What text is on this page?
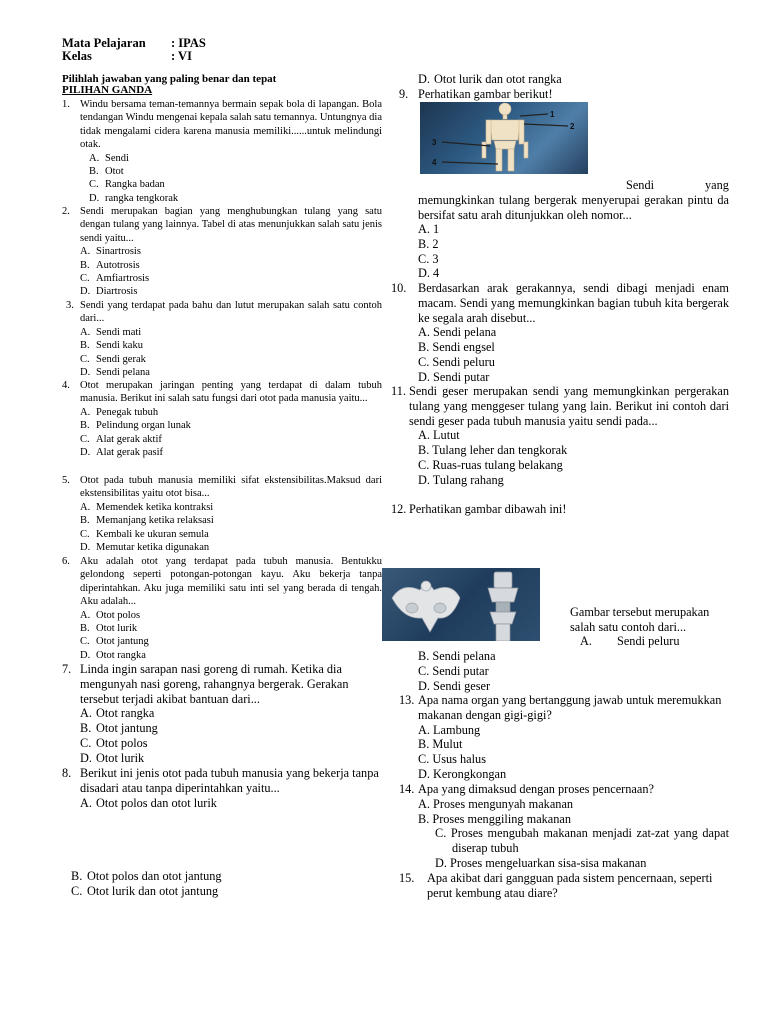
Mata Pelajaran : IPAS
Kelas	: VI
Pilihlah jawaban yang paling benar dan tepat
PILIHAN GANDA
1. Windu bersama teman-temannya bermain sepak bola di lapangan. Bola tendangan Windu mengenai kepala salah satu temannya. Untungnya dia tidak mengalami cidera karena manusia memiliki......untuk melindungi otak.
A. Sendi
B. Otot
C. Rangka badan
D. rangka tengkorak
2. Sendi merupakan bagian yang menghubungkan tulang yang satu dengan tulang yang lainnya. Tabel di atas menunjukkan salah satu jenis sendi yaitu...
A. Sinartrosis
B. Autotrosis
C. Amfiartrosis
D. Diartrosis
3. Sendi yang terdapat pada bahu dan lutut merupakan salah satu contoh dari...
A. Sendi mati
B. Sendi kaku
C. Sendi gerak
D. Sendi pelana
4. Otot merupakan jaringan penting yang terdapat di dalam tubuh manusia. Berikut ini salah satu fungsi dari otot pada manusia yaitu...
A. Penegak tubuh
B. Pelindung organ lunak
C. Alat gerak aktif
D. Alat gerak pasif
5. Otot pada tubuh manusia memiliki sifat ekstensibilitas.Maksud dari ekstensibilitas yaitu otot bisa...
A. Memendek ketika kontraksi
B. Memanjang ketika relaksasi
C. Kembali ke ukuran semula
D. Memutar ketika digunakan
6. Aku adalah otot yang terdapat pada tubuh manusia. Bentukku gelondong seperti potongan-potongan kayu. Aku bekerja tanpa diperintahkan. Aku juga memiliki satu inti sel yang berada di tengah. Aku adalah...
A. Otot polos
B. Otot lurik
C. Otot jantung
D. Otot rangka
7. Linda ingin sarapan nasi goreng di rumah. Ketika dia mengunyah nasi goreng, rahangnya bergerak. Gerakan tersebut terjadi akibat bantuan dari...
A. Otot rangka
B. Otot jantung
C. Otot polos
D. Otot lurik
8. Berikut ini jenis otot pada tubuh manusia yang bekerja tanpa disadari atau tanpa diperintahkan yaitu...
A. Otot polos dan otot lurik
B. Otot polos dan otot jantung
C. Otot lurik dan otot jantung
D. Otot lurik dan otot rangka
9. Perhatikan gambar berikut!
1
2
3
4
Sendi	yang
memungkinkan tulang bergerak menyerupai gerakan pintu da bersifat satu arah ditunjukkan oleh nomor...
A. 1
B. 2
C. 3
D. 4
10. Berdasarkan arak gerakannya, sendi dibagi menjadi enam macam. Sendi yang memungkinkan bagian tubuh kita bergerak ke segala arah disebut...
A. Sendi pelana
B. Sendi engsel
C. Sendi peluru
D. Sendi putar
11. Sendi geser merupakan sendi yang memungkinkan pergerakan tulang yang menggeser tulang yang lain. Berikut ini contoh dari sendi geser pada tubuh manusia yaitu sendi pada...
A. Lutut
B. Tulang leher dan tengkorak
C. Ruas-ruas tulang belakang
D. Tulang rahang
12. Perhatikan gambar dibawah ini!
Gambar tersebut merupakan salah satu contoh dari...
A. Sendi peluru
B. Sendi pelana
C. Sendi putar
D. Sendi geser
13. Apa nama organ yang bertanggung jawab untuk meremukkan makanan dengan gigi-gigi?
A. Lambung
B. Mulut
C. Usus halus
D. Kerongkongan
14. Apa yang dimaksud dengan proses pencernaan?
A. Proses mengunyah makanan
B. Proses menggiling makanan
C. Proses mengubah makanan menjadi zat-zat yang dapat diserap tubuh
D. Proses mengeluarkan sisa-sisa makanan
15.	Apa akibat dari gangguan pada sistem pencernaan, seperti perut kembung atau diare?
